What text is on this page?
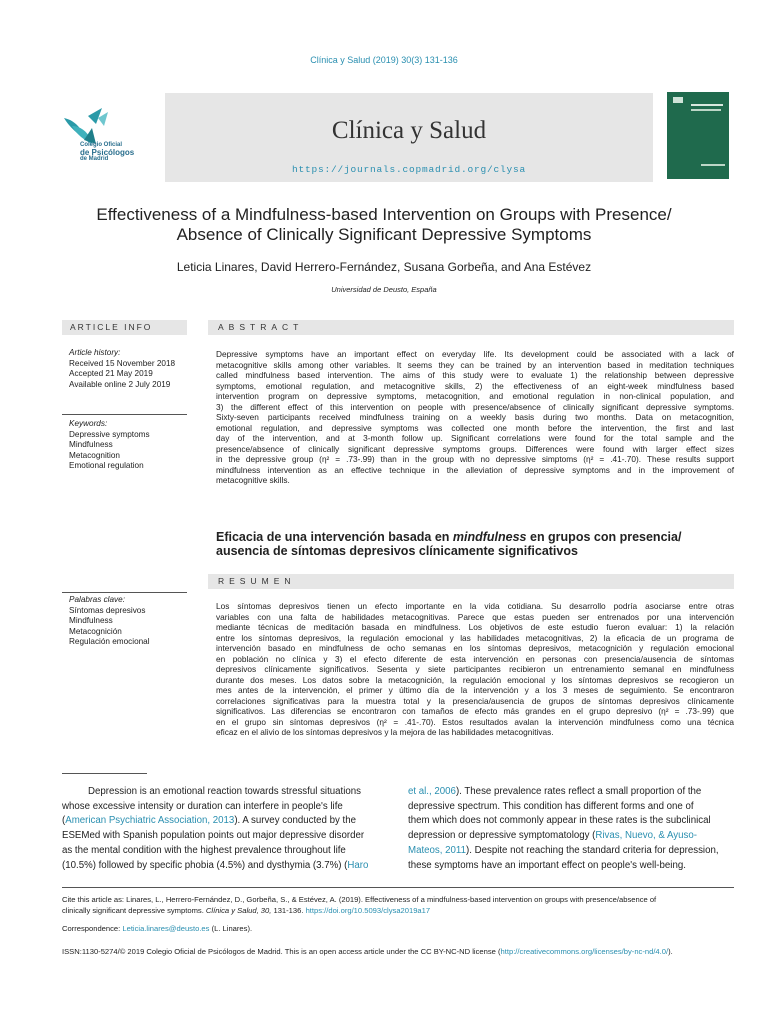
Clínica y Salud (2019) 30(3) 131-136
Colegio Oficial
de Psicólogos
de Madrid
Clínica y Salud
https://journals.copmadrid.org/clysa
Effectiveness of a Mindfulness-based Intervention on Groups with Presence/
Absence of Clinically Significant Depressive Symptoms
Leticia Linares, David Herrero-Fernández, Susana Gorbeña, and Ana Estévez
Universidad de Deusto, España
ARTICLE INFO	ABSTRACT
RESUMEN
Article history:
Received 15 November 2018
Accepted 21 May 2019
Available online 2 July 2019
Keywords:
Depressive symptoms
Mindfulness
Metacognition
Emotional regulation
Palabras clave:
Síntomas depresivos
Mindfulness
Metacognición
Regulación emocional
Depressive symptoms have an important effect on everyday life. Its development could be associated with a lack of
metacognitive skills among other variables. It seems they can be trained by an intervention based in meditation techniques
called mindfulness based intervention. The aims of this study were to evaluate 1) the relationship between depressive
symptoms, emotional regulation, and metacognitive skills, 2) the effectiveness of an eight-week mindfulness based
intervention program on depressive symptoms, metacognition, and emotional regulation in non-clinical population, and
3) the different effect of this intervention on people with presence/absence of clinically significant depressive symptoms.
Sixty-seven participants received mindfulness training on a weekly basis during two months. Data on metacognition,
emotional regulation, and depressive symptoms was collected one month before the intervention, the first and last
day of the intervention, and at 3-month follow up. Significant correlations were found for the total sample and the
presence/absence of clinically significant depressive symptoms groups. Differences were found with larger effect sizes
in the depressive group (η² = .73-.99) than in the group with no depressive simptoms (η² = .41-.70). These results support
mindfulness intervention as an effective technique in the alleviation of depressive symptoms and in the improvement of
metacognitive skills.
Eficacia de una intervención basada en mindfulness en grupos con presencia/
ausencia de síntomas depresivos clínicamente significativos
Los síntomas depresivos tienen un efecto importante en la vida cotidiana. Su desarrollo podría asociarse entre otras
variables con una falta de habilidades metacognitivas. Parece que estas pueden ser entrenados por una intervención
mediante técnicas de meditación basada en mindfulness. Los objetivos de este estudio fueron evaluar: 1) la relación
entre los síntomas depresivos, la regulación emocional y las habilidades metacognitivas, 2) la eficacia de un programa de
intervención basado en mindfulness de ocho semanas en los síntomas depresivos, metacognición y regulación emocional
en población no clínica y 3) el efecto diferente de esta intervención en personas con presencia/ausencia de síntomas
depresivos clínicamente significativos. Sesenta y siete participantes recibieron un entrenamiento semanal en mindfulness
durante dos meses. Los datos sobre la metacognición, la regulación emocional y los síntomas depresivos se recogieron un
mes antes de la intervención, el primer y último día de la intervención y a los 3 meses de seguimiento. Se encontraron
correlaciones significativas para la muestra total y la presencia/ausencia de grupos de síntomas depresivos clínicamente
significativos. Las diferencias se encontraron con tamaños de efecto más grandes en el grupo depresivo (η² = .73-.99) que
en el grupo sin síntomas depresivos (η² = .41-.70). Estos resultados avalan la intervención mindfulness como una técnica
eficaz en el alivio de los síntomas depresivos y la mejora de las habilidades metacognitivas.
Depression is an emotional reaction towards stressful situations
whose excessive intensity or duration can interfere in people's life
(American Psychiatric Association, 2013). A survey conducted by the
ESEMed with Spanish population points out major depressive disorder
as the mental condition with the highest prevalence throughout life
(10.5%) followed by specific phobia (4.5%) and dysthymia (3.7%) (Haro
et al., 2006). These prevalence rates reflect a small proportion of the
depressive spectrum. This condition has different forms and one of
them which does not commonly appear in these rates is the subclinical
depression or depressive symptomatology (Rivas, Nuevo, & Ayuso-
Mateos, 2011). Despite not reaching the standard criteria for depression,
these symptoms have an important effect on people's well-being.
Cite this article as: Linares, L., Herrero-Fernández, D., Gorbeña, S., & Estévez, A. (2019). Effectiveness of a mindfulness-based intervention on groups with presence/absence of
clinically significant depressive symptoms. Clínica y Salud, 30, 131-136. https://doi.org/10.5093/clysa2019a17
Correspondence: Leticia.linares@deusto.es (L. Linares).
ISSN:1130-5274/© 2019 Colegio Oficial de Psicólogos de Madrid. This is an open access article under the CC BY-NC-ND license (http://creativecommons.org/licenses/by-nc-nd/4.0/).
